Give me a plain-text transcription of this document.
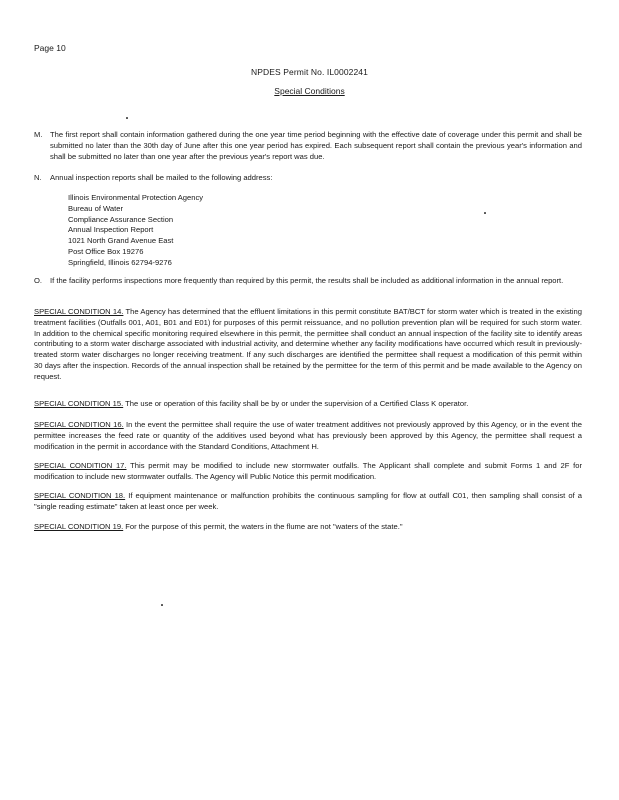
Page 10
NPDES Permit No. IL0002241
Special Conditions
M. The first report shall contain information gathered during the one year time period beginning with the effective date of coverage under this permit and shall be submitted no later than the 30th day of June after this one year period has expired. Each subsequent report shall contain the previous year's information and shall be submitted no later than one year after the previous year's report was due.
N. Annual inspection reports shall be mailed to the following address:
Illinois Environmental Protection Agency
Bureau of Water
Compliance Assurance Section
Annual Inspection Report
1021 North Grand Avenue East
Post Office Box 19276
Springfield, Illinois 62794-9276
O. If the facility performs inspections more frequently than required by this permit, the results shall be included as additional information in the annual report.
SPECIAL CONDITION 14. The Agency has determined that the effluent limitations in this permit constitute BAT/BCT for storm water which is treated in the existing treatment facilities (Outfalls 001, A01, B01 and E01) for purposes of this permit reissuance, and no pollution prevention plan will be required for such storm water. In addition to the chemical specific monitoring required elsewhere in this permit, the permittee shall conduct an annual inspection of the facility site to identify areas contributing to a storm water discharge associated with industrial activity, and determine whether any facility modifications have occurred which result in previously-treated storm water discharges no longer receiving treatment. If any such discharges are identified the permittee shall request a modification of this permit within 30 days after the inspection. Records of the annual inspection shall be retained by the permittee for the term of this permit and be made available to the Agency on request.
SPECIAL CONDITION 15. The use or operation of this facility shall be by or under the supervision of a Certified Class K operator.
SPECIAL CONDITION 16. In the event the permittee shall require the use of water treatment additives not previously approved by this Agency, or in the event the permittee increases the feed rate or quantity of the additives used beyond what has previously been approved by this Agency, the permittee shall request a modification in the permit in accordance with the Standard Conditions, Attachment H.
SPECIAL CONDITION 17. This permit may be modified to include new stormwater outfalls. The Applicant shall complete and submit Forms 1 and 2F for modification to include new stormwater outfalls. The Agency will Public Notice this permit modification.
SPECIAL CONDITION 18. If equipment maintenance or malfunction prohibits the continuous sampling for flow at outfall C01, then sampling shall consist of a "single reading estimate" taken at least once per week.
SPECIAL CONDITION 19. For the purpose of this permit, the waters in the flume are not "waters of the state."
